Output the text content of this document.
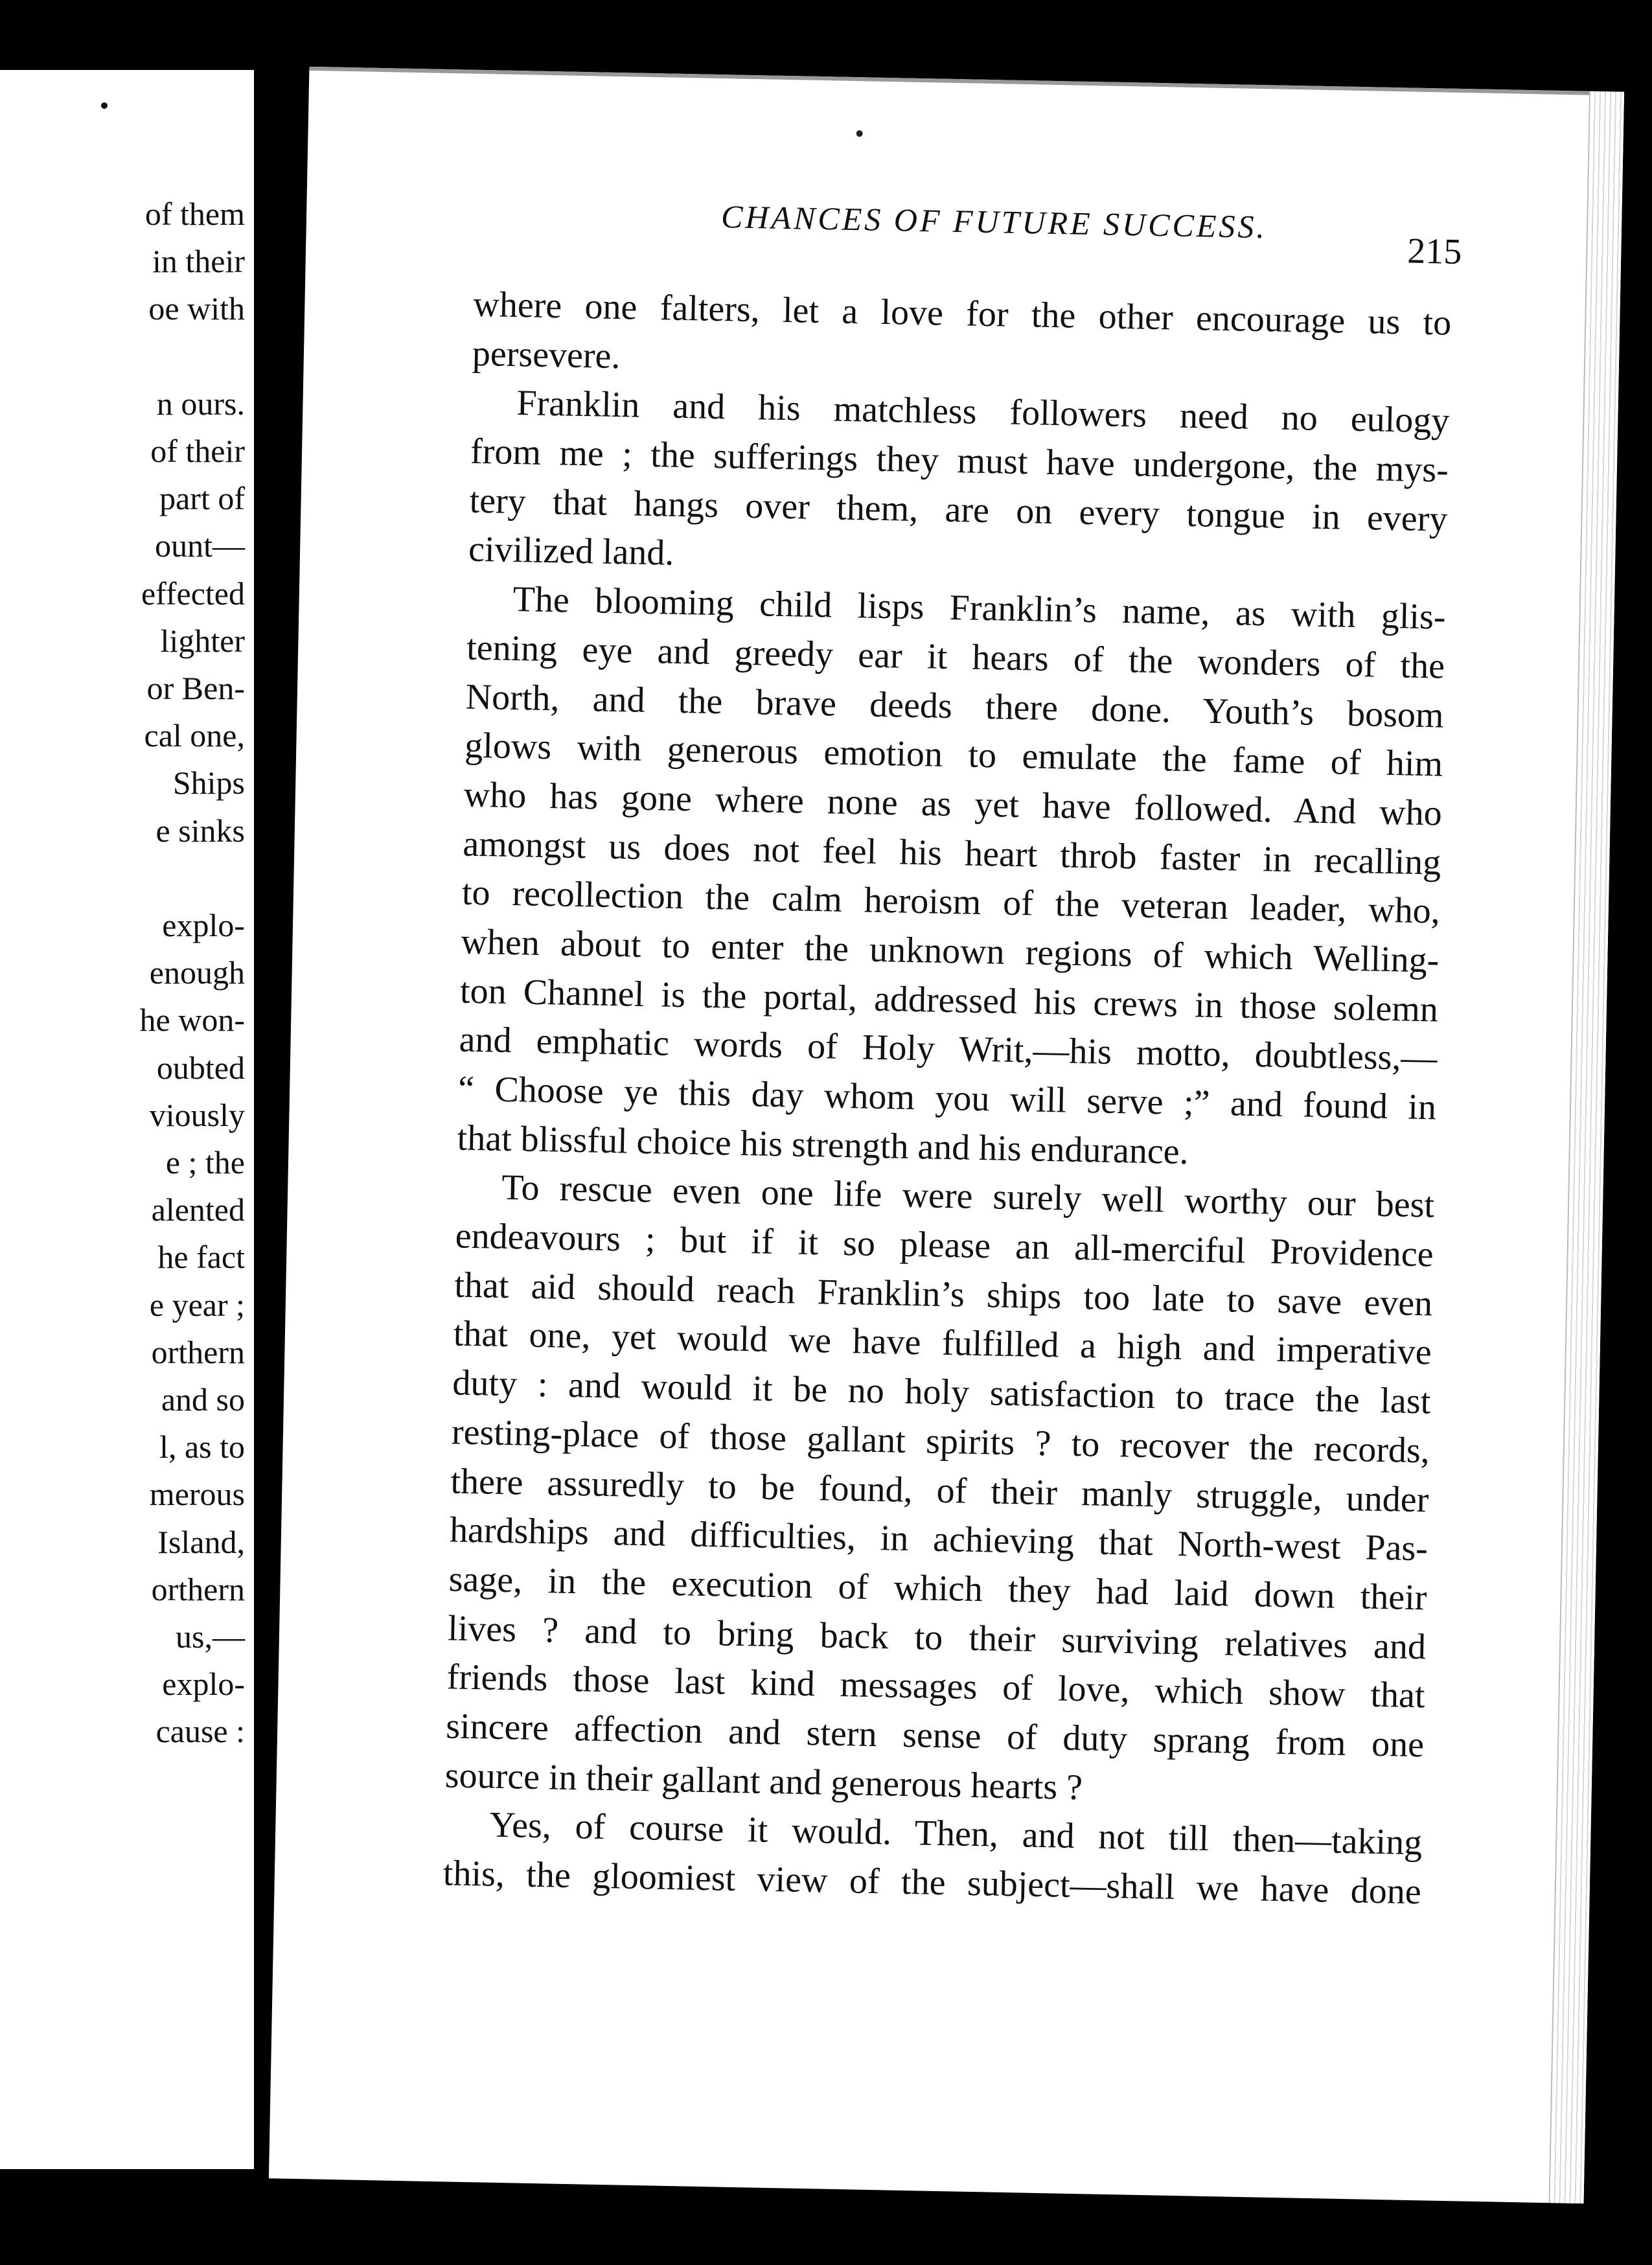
of them
in their
oe with
n ours.
of their
part of
ount—
effected
lighter
or Ben-
cal one,
Ships
e sinks
explo-
enough
he won-
oubted
viously
e ; the
alented
he fact
e year ;
orthern
and so
l, as to
merous
Island,
orthern
us,—
explo-
cause :
CHANCES OF FUTURE SUCCESS.
215
where one falters, let a love for the other encourage us to
persevere.
Franklin and his matchless followers need no eulogy
from me ; the sufferings they must have undergone, the mys-
tery that hangs over them, are on every tongue in every
civilized land.
The blooming child lisps Franklin’s name, as with glis-
tening eye and greedy ear it hears of the wonders of the
North, and the brave deeds there done. Youth’s bosom
glows with generous emotion to emulate the fame of him
who has gone where none as yet have followed. And who
amongst us does not feel his heart throb faster in recalling
to recollection the calm heroism of the veteran leader, who,
when about to enter the unknown regions of which Welling-
ton Channel is the portal, addressed his crews in those solemn
and emphatic words of Holy Writ,—his motto, doubtless,—
“ Choose ye this day whom you will serve ;” and found in
that blissful choice his strength and his endurance.
To rescue even one life were surely well worthy our best
endeavours ; but if it so please an all-merciful Providence
that aid should reach Franklin’s ships too late to save even
that one, yet would we have fulfilled a high and imperative
duty : and would it be no holy satisfaction to trace the last
resting-place of those gallant spirits ? to recover the records,
there assuredly to be found, of their manly struggle, under
hardships and difficulties, in achieving that North-west Pas-
sage, in the execution of which they had laid down their
lives ? and to bring back to their surviving relatives and
friends those last kind messages of love, which show that
sincere affection and stern sense of duty sprang from one
source in their gallant and generous hearts ?
Yes, of course it would. Then, and not till then—taking
this, the gloomiest view of the subject—shall we have done
